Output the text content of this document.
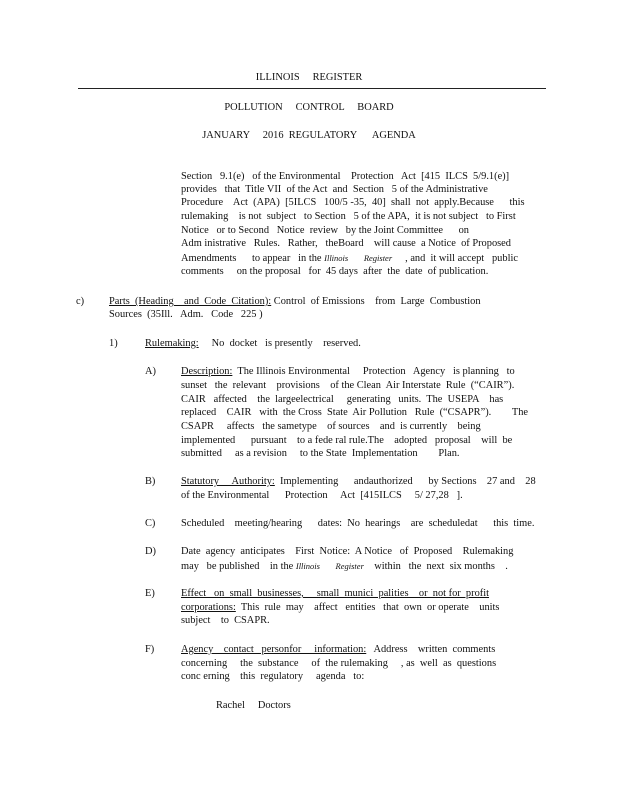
ILLINOIS     REGISTER
POLLUTION     CONTROL     BOARD
JANUARY     2016  REGULATORY      AGENDA
Section   9.1(e)   of the Environmental    Protection   Act  [415  ILCS  5/9.1(e)]
provides   that  Title VII  of the Act  and  Section   5 of the Administrative
Procedure    Act  (APA)  [5ILCS   100/5 -35,  40]  shall  not  apply.Because      this
rulemaking    is not  subject   to Section   5 of the APA,  it is not subject   to First
Notice   or to Second   Notice  review   by the Joint Committee      on
Adm inistrative   Rules.   Rather,   theBoard    will cause  a Notice  of Proposed
Amendments      to appear   in the Illinois Register     , and  it will accept   public
comments     on the proposal   for  45 days  after  the  date  of publication.
c) Parts  (Heading    and  Code  Citation): Control  of Emissions    from  Large  Combustion
Sources  (35Ill.   Adm.   Code   225 )
1)	Rulemaking:     No  docket   is presently    reserved.
A) Description:  The Illinois Environmental     Protection   Agency   is planning   to
sunset   the  relevant    provisions    of the Clean  Air Interstate  Rule  (“CAIR”).
CAIR   affected    the  largeelectrical     generating   units.  The  USEPA    has
replaced    CAIR   with  the Cross  State  Air Pollution   Rule  (“CSAPR”).        The
CSAPR     affects   the sametype    of sources    and  is currently    being
implemented      pursuant    to a fede ral rule.The    adopted   proposal    will  be
submitted     as a revision     to the State  Implementation        Plan.
B) Statutory     Authority:  Implementing      andauthorized      by Sections    27 and    28
of the Environmental      Protection     Act  [415ILCS     5/ 27,28   ].
C) Scheduled    meeting/hearing      dates:  No  hearings    are  scheduledat      this  time.
D) Date  agency  anticipates    First  Notice:  A Notice   of  Proposed    Rulemaking
may   be published    in the Illinois Register    within   the  next  six months    .
E)	Effect   on  small  businesses,     small  munici  palities    or  not for  profit
corporations:  This  rule  may    affect   entities   that  own  or operate    units
subject    to  CSAPR.
F)	Agency    contact   personfor     information:   Address    written  comments
concerning     the  substance     of  the rulemaking     , as  well  as  questions
conc erning    this  regulatory     agenda   to:
Rachel     Doctors
